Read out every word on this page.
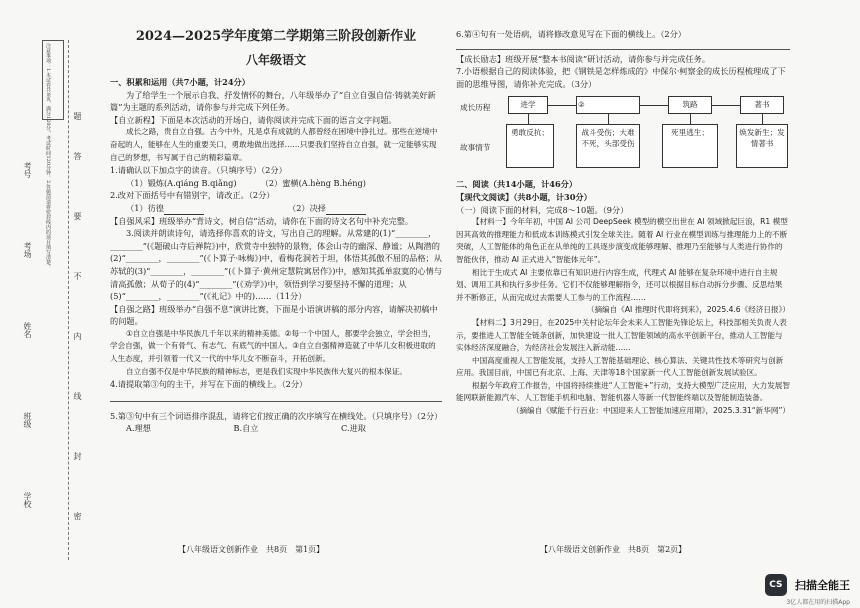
学校
班级
姓名
考场
考号
密
封
线
内
不
要
答
题
注意事项：1.本试卷共8页，满分120分，考试时间120分钟。2.答题前请将密封线内的项目填写清楚。
2024—2025学年度第二学期第三阶段创新作业
八年级语文

一、积累和运用（共7小题，计24分）

为了给学生一个展示自我、抒发情怀的舞台，八年级举办了“自立自强自信·铸就美好新篇”为主题的系列活动，请你参与并完成下列任务。

【自立新程】下面是本次活动的开场白，请你阅读并完成下面的语言文字问题。

成长之路，贵自立自强。古今中外，凡是卓有成就的人都曾经在困境中挣扎过。那些在逆境中奋起的人，能够在人生的重要关口，勇敢地做出选择……只要我们坚持自立自强，就一定能够实现自己的梦想，书写属于自己的精彩篇章。

1.请确认以下加点字的读音。（只填序号）（2分）

（1）锻炼(A.qiáng B.qiǎng)	（2）蜜横(A.hèng B.héng)

2.改对下面括号中有错别字，请改正。（2分）

（1）彷徨	（2）决择

【自强风采】班级举办“背诗文，树自信”活动，请你在下面的诗文名句中补充完整。

3.阅读并朗读诗句，请选择你喜欢的诗文，写出自己的理解。从常建的(1)“________，________”(《题破山寺后禅院》)中，欣赏寺中独特的景物，体会山寺的幽深、静谧；从陶潜的(2)“________，________”(《卜算子·咏梅》)中，看梅花洞若于坦，体悟其孤傲不屈的品格；从苏轼的(3)“________，________”(《卜算子·黄州定慧院寓居作》)中，感知其孤单寂寞的心情与清高孤傲；从荀子的(4)“________”(《劝学》)中，领悟到学习要坚持不懈的道理；从(5)“________，________”(《礼记》中的)……（11分）

【自强之路】班级举办“自强不息”演讲比赛，下面是小语演讲稿的部分内容，请解决初稿中的问题。

①自立自强是中华民族几千年以来的精神美德。②每一个中国人，都要学会独立，学会担当，学会自强，做一个有骨气、有志气、有底气的中国人。③自立自强精神造就了中华儿女积极进取的人生态度，并引领着一代又一代的中华儿女不断奋斗，开拓创新。

自立自强不仅是中华民族的精神标志，更是我们实现中华民族伟大复兴的根本保证。

4.请提取第③句的主干，并写在下面的横线上。（2分）

5.第③句中有三个词语排序混乱，请将它们按正确的次序填写在横线处。（只填序号）（2分）

A.理想	B.自立	C.进取
【八年级语文创新作业　共8页　第1页】

6.第④句有一处语病，请将修改意见写在下面的横线上。（2分）

【成长励志】班级开展“整本书阅读”研讨活动，请你参与并完成任务。

7.小语根据自己的阅读体验，把《钢铁是怎样炼成的》中保尔·柯察金的成长历程梳理成了下面的思维导图，请你补充完成。（3分）

成长历程
故事情节
进学	②	筑路	著书
勇敢反抗；	战斗受伤；大难不死，头部受伤
死里逃生；	焕发新生；发情著书

二、阅读（共14小题，计46分）

【现代文阅读】（共8小题，计30分）

（一）阅读下面的材料，完成8～10题。（9分）

【材料一】今年年初，中国 AI 公司 DeepSeek 模型的横空出世在 AI 领域掀起巨浪，R1 模型因其高效的推理能力和低成本训练模式引发全球关注。随着 AI 行业在模型训练与推理能力上的不断突破，人工智能体的角色正在从单纯的工具逐步演变成能够理解、推理乃至能够与人类进行协作的智能伙伴，推动 AI 正式进入“智能体元年”。

相比于生成式 AI 主要依靠已有知识进行内容生成，代理式 AI 能够在复杂环境中进行自主规划、调用工具和执行多步任务。它们不仅能够理解指令，还可以根据目标自动拆分步骤、反思结果并不断修正，从而完成过去需要人工参与的工作流程……

（摘编自《AI 推理时代即将到来》，2025.4.6《经济日报》）

【材料二】3月29日，在2025中关村论坛年会未来人工智能先锋论坛上，科技部相关负责人表示，要推进人工智能全链条创新，加快建设一批人工智能领域的高水平创新平台，推动人工智能与实体经济深度融合，为经济社会发展注入新动能……

中国高度重视人工智能发展，支持人工智能基础理论、核心算法、关键共性技术等研究与创新应用。我国目前，中国已有北京、上海、天津等18个国家新一代人工智能创新发展试验区。

根据今年政府工作报告，中国将持续推进“人工智能+”行动，支持大模型广泛应用，大力发展智能网联新能源汽车、人工智能手机和电脑、智能机器人等新一代智能终端以及智能制造装备。

（摘编自《赋能千行百业：中国迎来人工智能加速应用期》，2025.3.31“新华网”）

【八年级语文创新作业　共8页　第2页】
CS 扫描全能王
3亿人都在用的扫描App
